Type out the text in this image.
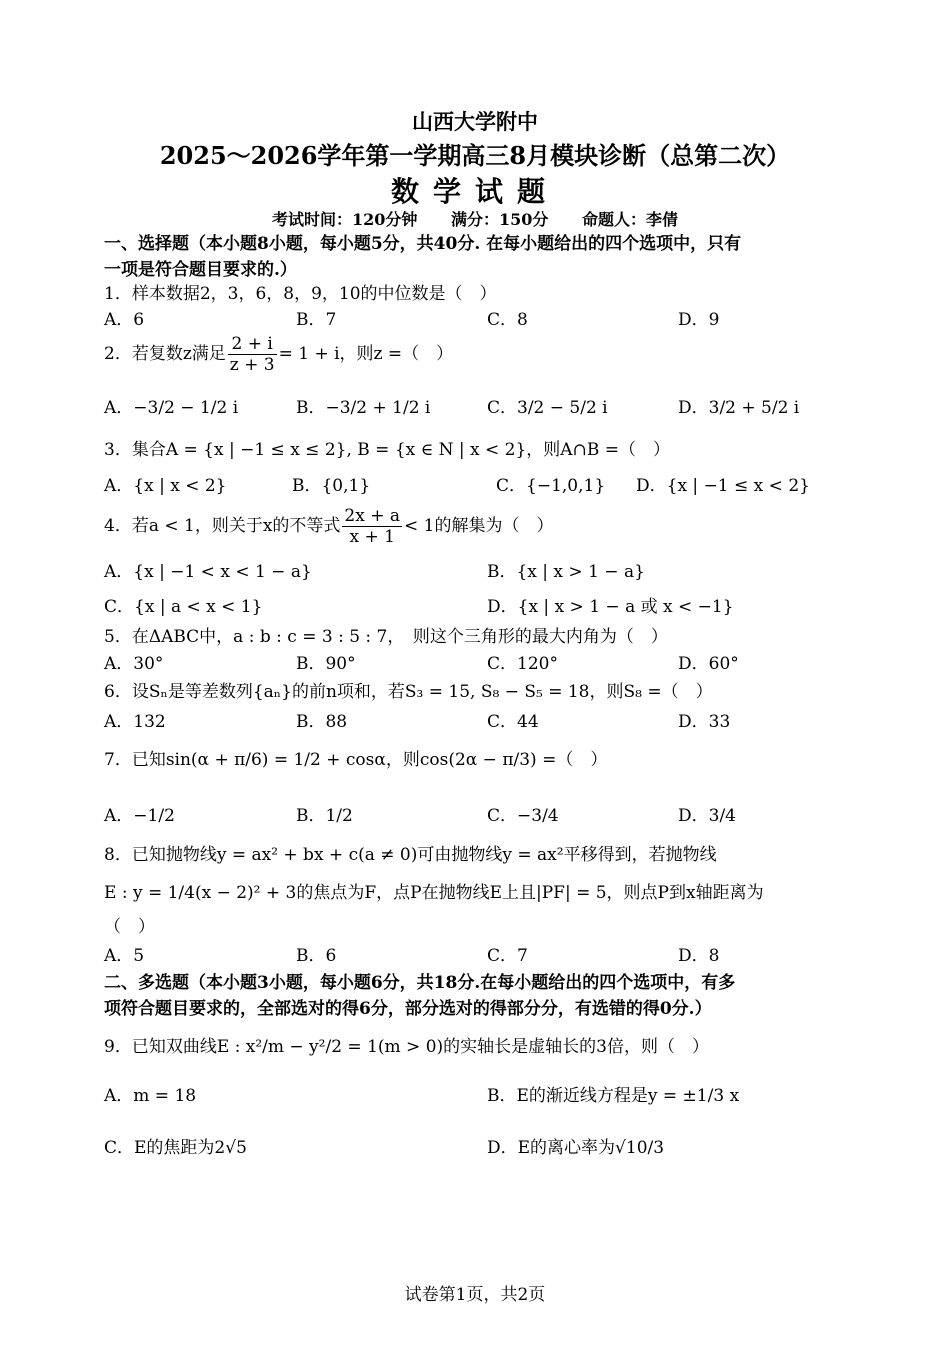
山西大学附中
2025～2026学年第一学期高三8月模块诊断（总第二次）
数学试题
考试时间：120分钟 满分：150分 命题人：李倩
一、选择题（本小题8小题，每小题5分，共40分. 在每小题给出的四个选项中，只有
一项是符合题目要求的.）
1．样本数据2，3，6，8，9，10的中位数是（　）
A．6	B．7	C．8	D．9
2．若复数z满足 $\frac{2 + i}{z + 3} = 1 + i$，则z =（　）
A．−3/2 − 1/2 i	B．−3/2 + 1/2 i	C．3/2 − 5/2 i	D．3/2 + 5/2 i
3．集合A = {x | −1 ≤ x ≤ 2}, B = {x ∈ N | x < 2}，则A∩B =（　）
A．{x | x < 2}	B．{0,1}	C．{−1,0,1} D．{x | −1 ≤ x < 2}
4．若a < 1，则关于x的不等式 $\frac{2x + a}{x + 1} < 1$的解集为（　）
A．{x | −1 < x < 1 − a}	B．{x | x > 1 − a}
C．{x | a < x < 1}	D．{x | x > 1 − a 或 x < −1}
5．在ΔABC中，a : b : c = 3 : 5 : 7，　则这个三角形的最大内角为（　）
A．30°	B．90°	C．120°	D．60°
6．设Sₙ是等差数列{aₙ}的前n项和，若S₃ = 15, S₈ − S₅ = 18，则S₈ =（　）
A．132	B．88	C．44	D．33
7．已知sin(α + π/6) = 1/2 + cosα，则cos(2α − π/3) =（　）
A．−1/2	B．1/2	C．−3/4	D．3/4
8．已知抛物线y = ax² + bx + c(a ≠ 0)可由抛物线y = ax²平移得到，若抛物线
E : y = 1/4(x − 2)² + 3的焦点为F，点P在抛物线E上且|PF| = 5，则点P到x轴距离为
（　）
A．5	B．6	C．7	D．8
二、多选题（本小题3小题，每小题6分，共18分.在每小题给出的四个选项中，有多
项符合题目要求的，全部选对的得6分，部分选对的得部分分，有选错的得0分.）
9．已知双曲线E : x²/m − y²/2 = 1(m > 0)的实轴长是虚轴长的3倍，则（　）
A．m = 18	B．E的渐近线方程是y = ±1/3 x
C．E的焦距为2√5	D．E的离心率为√10/3
试卷第1页，共2页
